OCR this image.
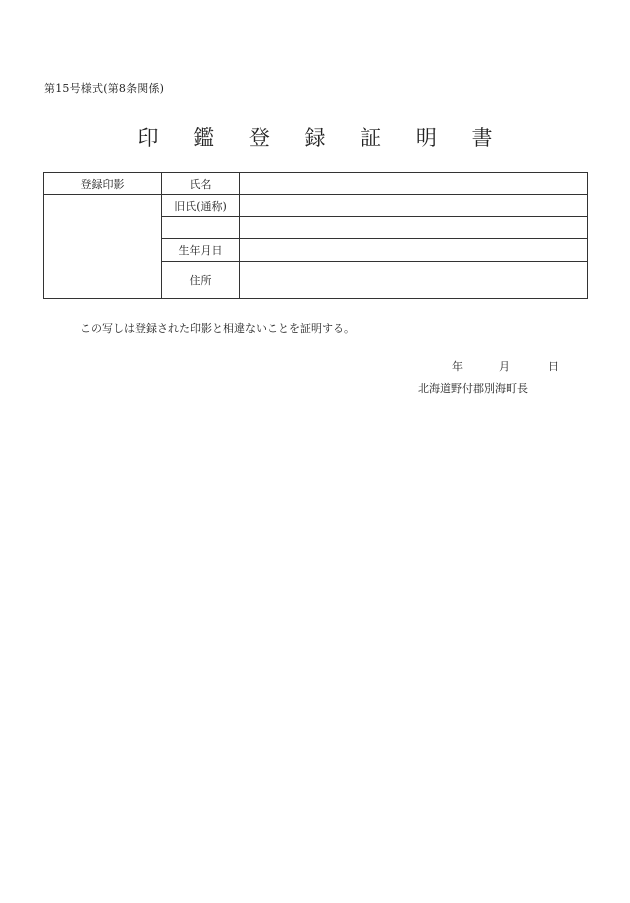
第15号様式(第8条関係)
印 鑑 登 録 証 明 書
登録印影	氏名	
	旧氏(通称)	

	生年月日	
	住所	
この写しは登録された印影と相違ないことを証明する。
年	月	日
北海道野付郡別海町長
